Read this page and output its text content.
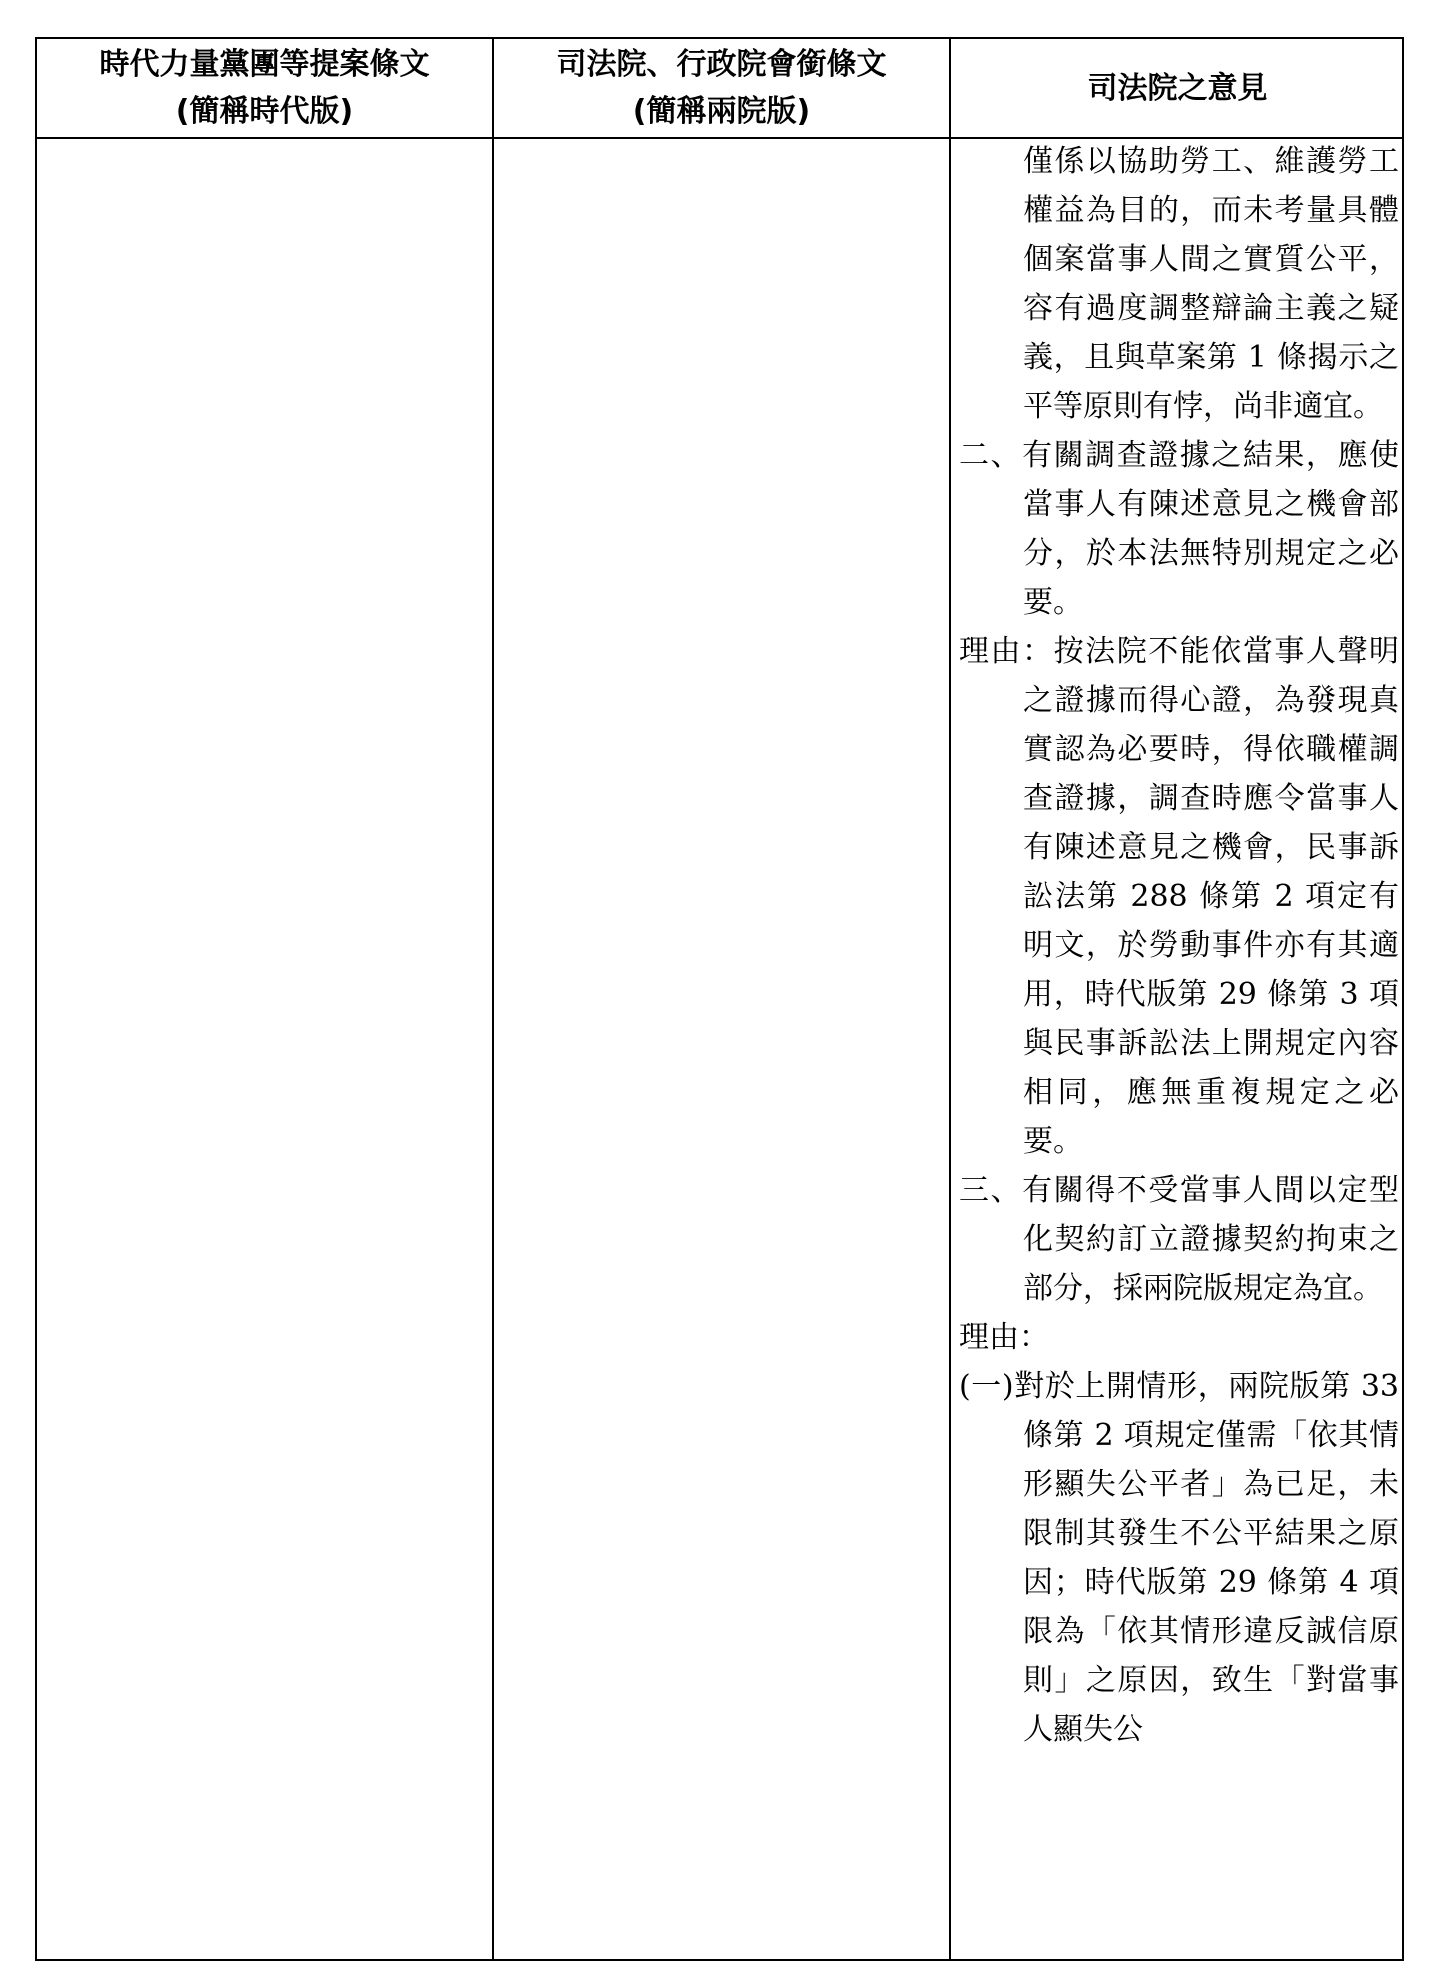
時代力量黨團等提案條文
(簡稱時代版)
司法院、行政院會銜條文
(簡稱兩院版)
司法院之意見
僅係以協助勞工、維護勞工權益為目的，而未考量具體個案當事人間之實質公平，容有過度調整辯論主義之疑義，且與草案第 1 條揭示之平等原則有悖，尚非適宜。
二、有關調查證據之結果，應使當事人有陳述意見之機會部分，於本法無特別規定之必要。
理由：按法院不能依當事人聲明之證據而得心證，為發現真實認為必要時，得依職權調查證據，調查時應令當事人有陳述意見之機會，民事訴訟法第 288 條第 2 項定有明文，於勞動事件亦有其適用，時代版第 29 條第 3 項與民事訴訟法上開規定內容相同，應無重複規定之必要。
三、有關得不受當事人間以定型化契約訂立證據契約拘束之部分，採兩院版規定為宜。
理由：
(一)對於上開情形，兩院版第 33 條第 2 項規定僅需「依其情形顯失公平者」為已足，未限制其發生不公平結果之原因；時代版第 29 條第 4 項限為「依其情形違反誠信原則」之原因，致生「對當事人顯失公
